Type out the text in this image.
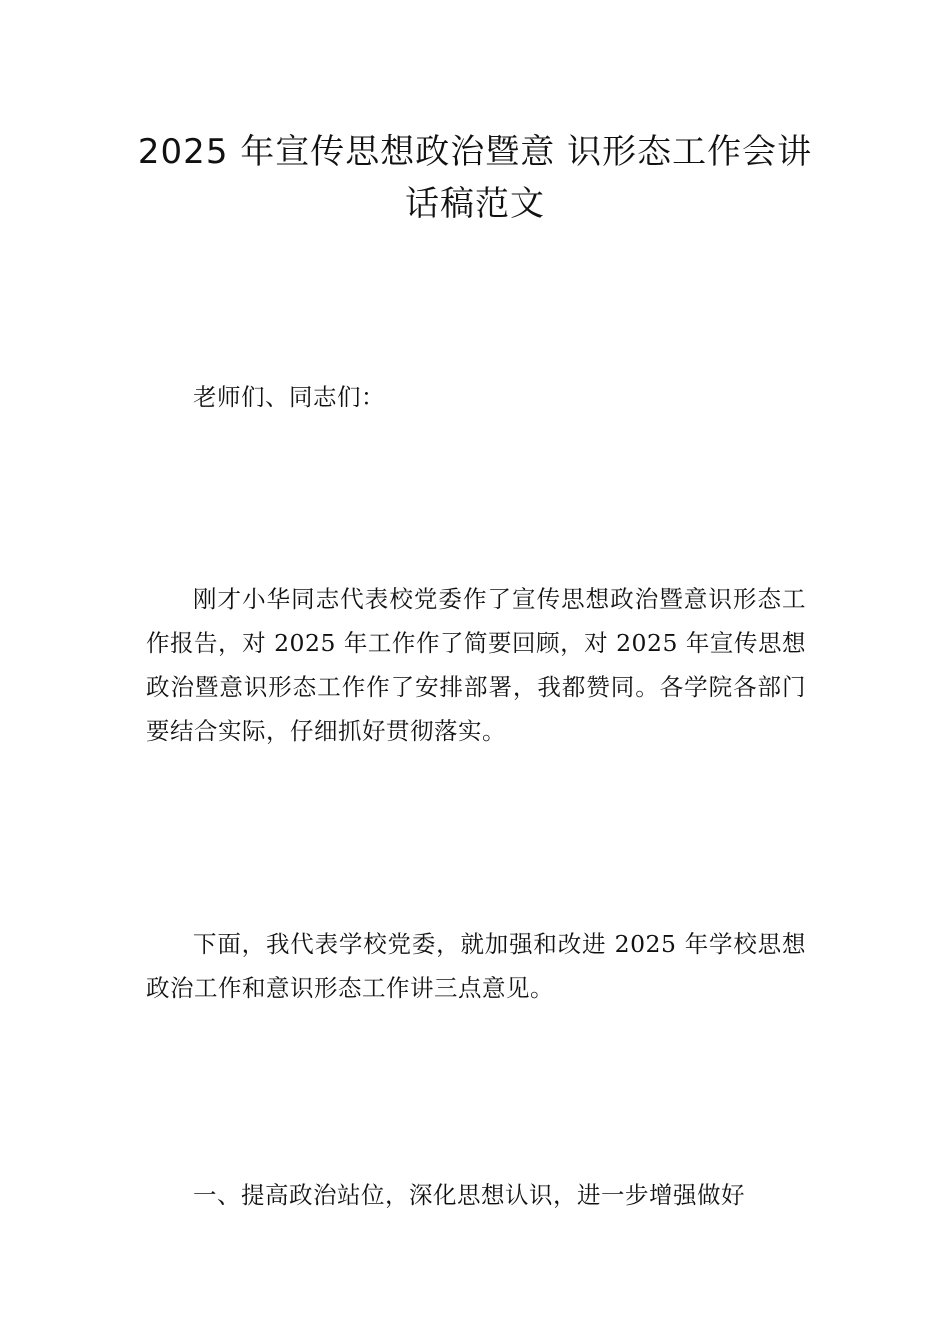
2025 年宣传思想政治暨意 识形态工作会讲
话稿范文

老师们、同志们：

刚才小华同志代表校党委作了宣传思想政治暨意识形态工作报告，对 2025 年工作作了简要回顾，对 2025 年宣传思想政治暨意识形态工作作了安排部署，我都赞同。各学院各部门要结合实际，仔细抓好贯彻落实。

下面，我代表学校党委，就加强和改进 2025 年学校思想政治工作和意识形态工作讲三点意见。

一、提高政治站位，深化思想认识，进一步增强做好
